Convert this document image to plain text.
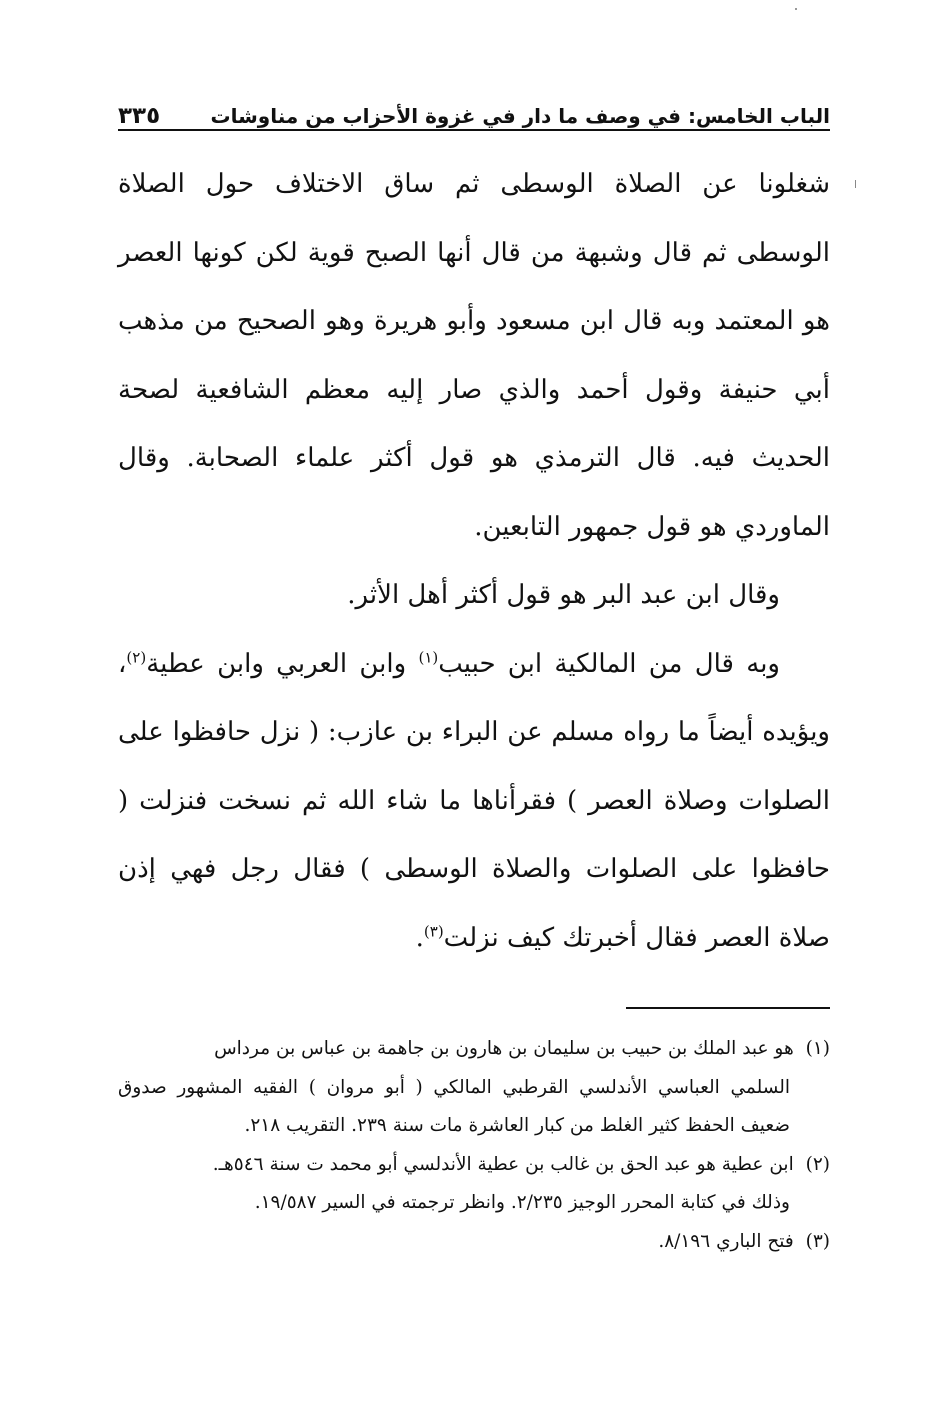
الباب الخامس: في وصف ما دار في غزوة الأحزاب من مناوشات
٣٣٥

شغلونا عن الصلاة الوسطى ثم ساق الاختلاف حول الصلاة الوسطى ثم قال وشبهة من قال أنها الصبح قوية لكن كونها العصر هو المعتمد وبه قال ابن مسعود وأبو هريرة وهو الصحيح من مذهب أبي حنيفة وقول أحمد والذي صار إليه معظم الشافعية لصحة الحديث فيه. قال الترمذي هو قول أكثر علماء الصحابة. وقال الماوردي هو قول جمهور التابعين.

وقال ابن عبد البر هو قول أكثر أهل الأثر.

وبه قال من المالكية ابن حبيب$^{(١)}$ وابن العربي وابن عطية$^{(٢)}$، ويؤيده أيضاً ما رواه مسلم عن البراء بن عازب: ( نزل حافظوا على الصلوات وصلاة العصر ) فقرأناها ما شاء الله ثم نسخت فنزلت ( حافظوا على الصلوات والصلاة الوسطى ) فقال رجل فهي إذن صلاة العصر فقال أخبرتك كيف نزلت$^{(٣)}$.

(١) هو عبد الملك بن حبيب بن سليمان بن هارون بن جاهمة بن عباس بن مرداس
السلمي العباسي الأندلسي القرطبي المالكي ( أبو مروان ) الفقيه المشهور صدوق ضعيف الحفظ كثير الغلط من كبار العاشرة مات سنة ٢٣٩. التقريب ٢١٨.
(٢) ابن عطية هو عبد الحق بن غالب بن عطية الأندلسي أبو محمد ت سنة ٥٤٦هـ.
وذلك في كتابة المحرر الوجيز ٢/٢٣٥. وانظر ترجمته في السير ١٩/٥٨٧.
(٣) فتح الباري ٨/١٩٦.
